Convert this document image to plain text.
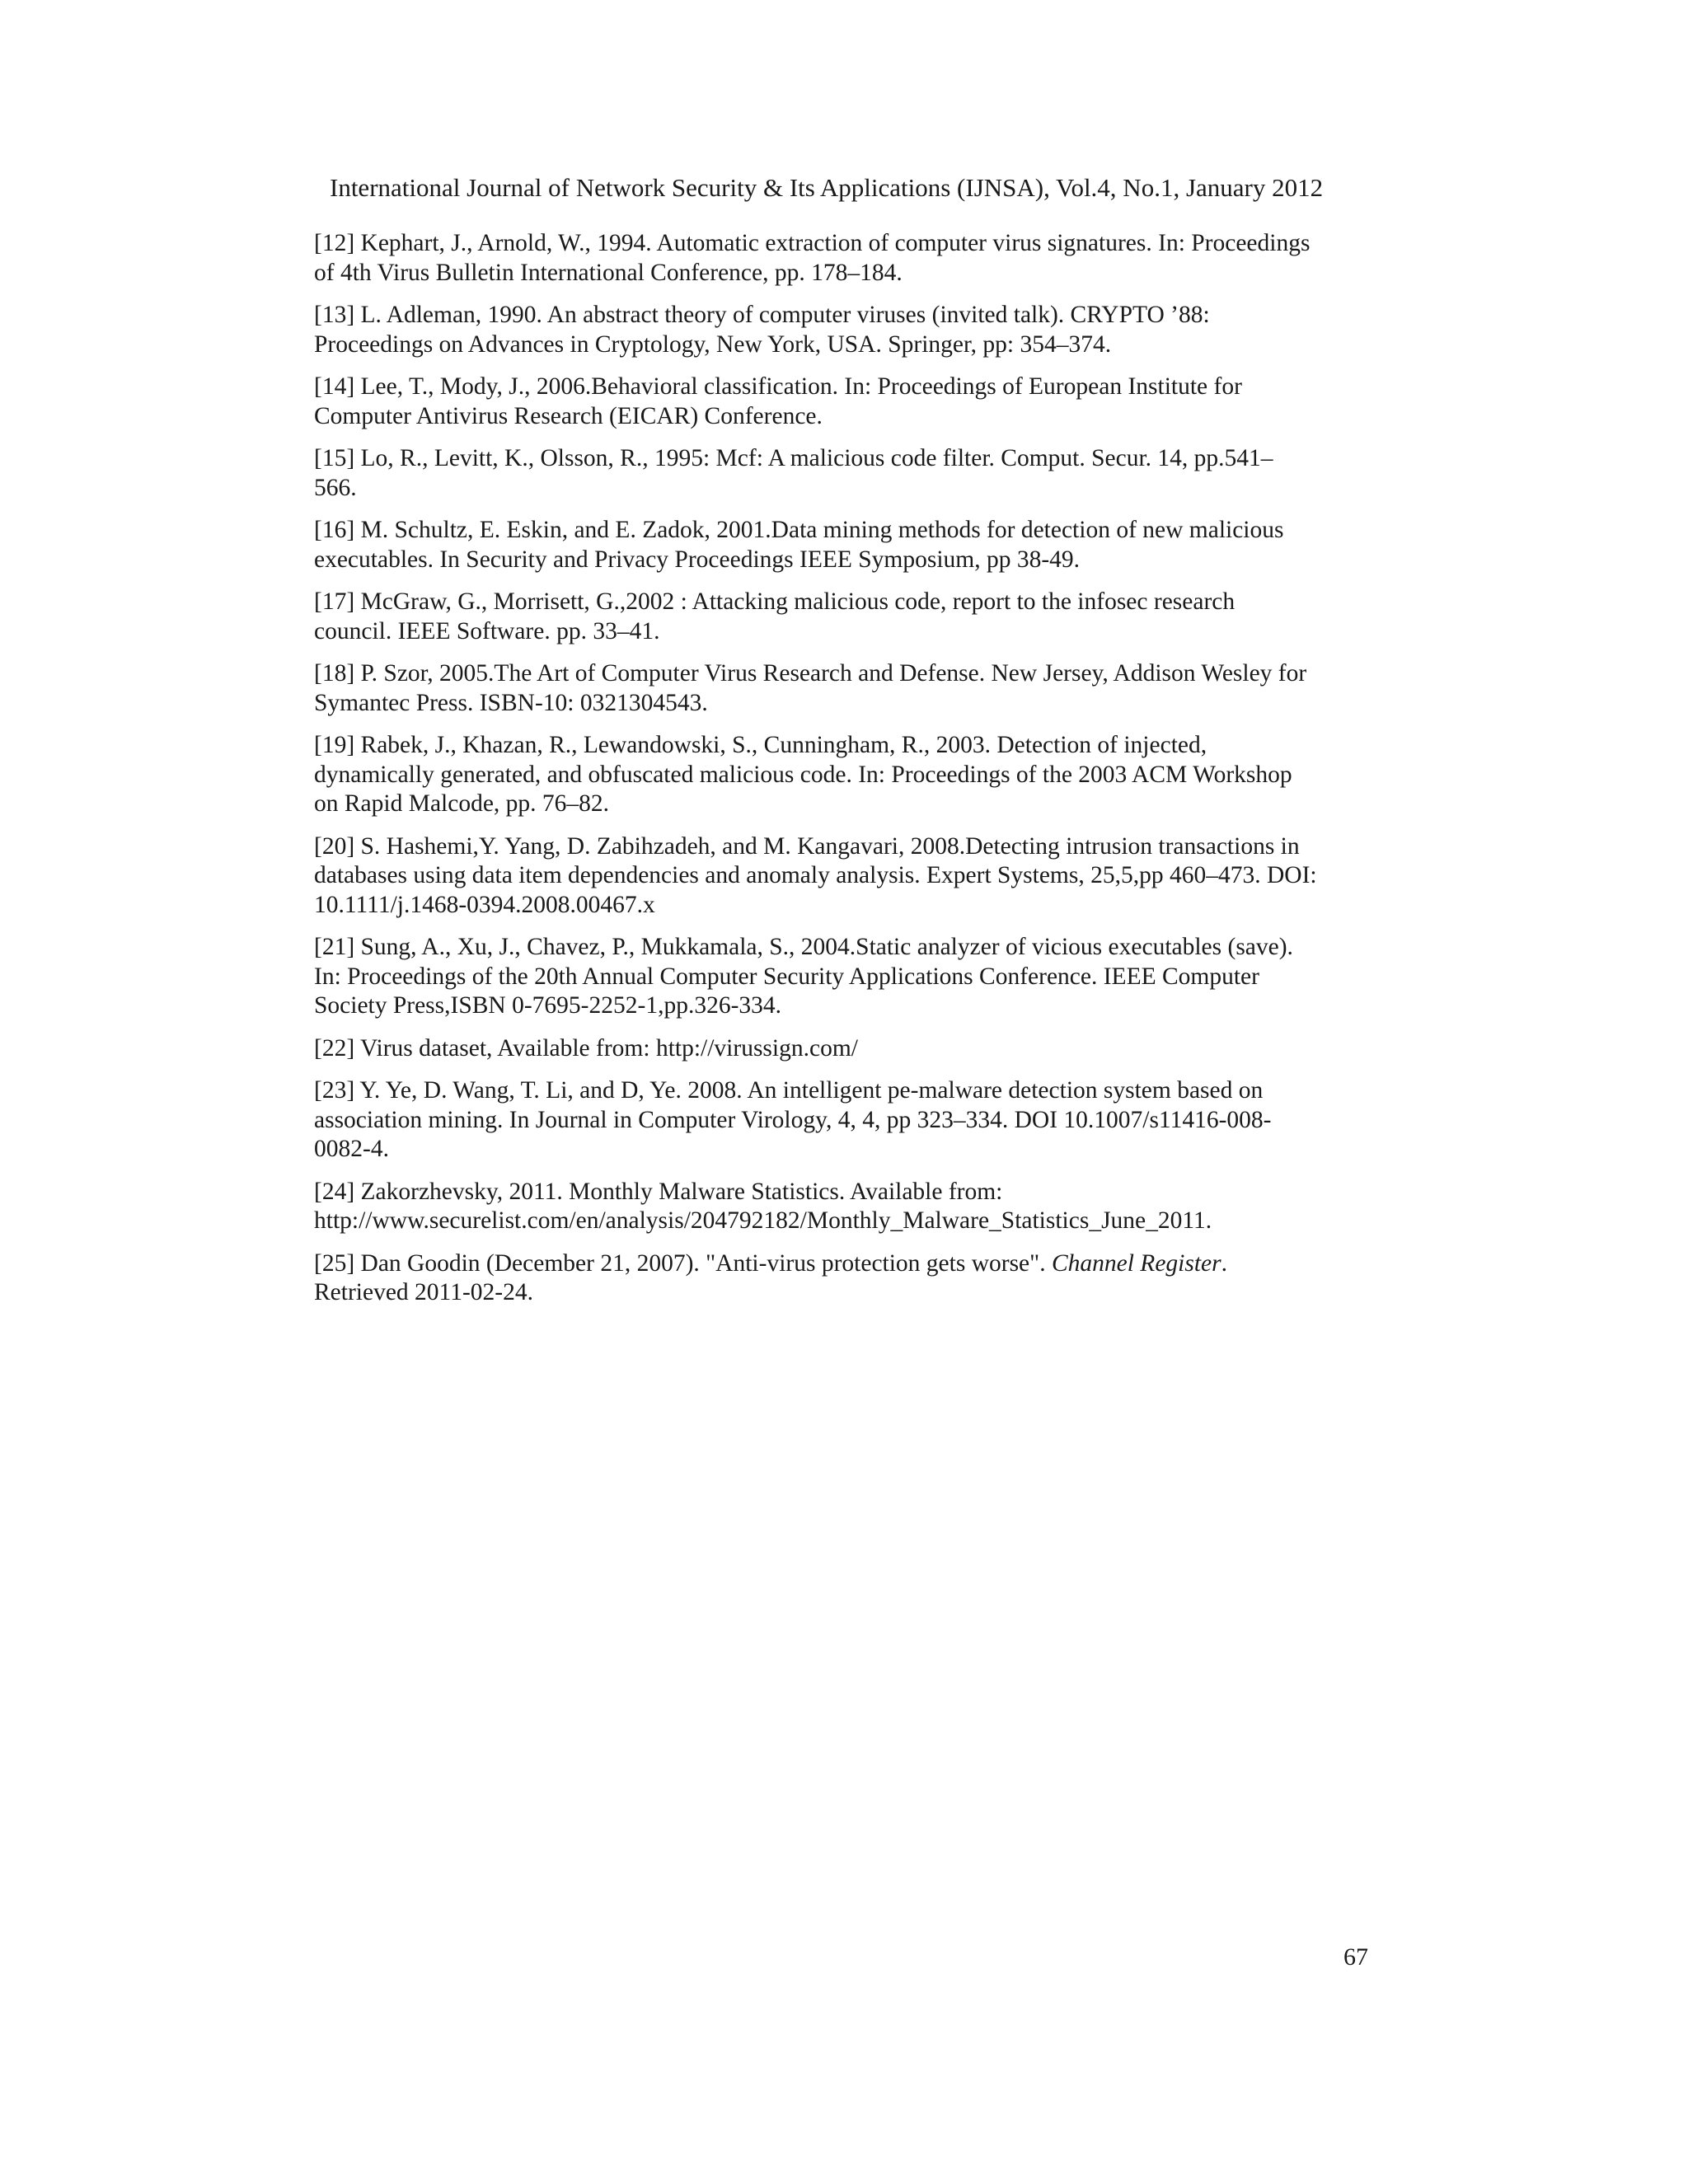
International Journal of Network Security & Its Applications (IJNSA), Vol.4, No.1, January 2012

[12] Kephart, J., Arnold, W., 1994. Automatic extraction of computer virus signatures. In: Proceedings
of 4th Virus Bulletin International Conference, pp. 178–184.

[13] L. Adleman, 1990. An abstract theory of computer viruses (invited talk). CRYPTO ’88:
Proceedings on Advances in Cryptology, New York, USA. Springer, pp: 354–374.

[14] Lee, T., Mody, J., 2006.Behavioral classification. In: Proceedings of European Institute for
Computer Antivirus Research (EICAR) Conference.

[15] Lo, R., Levitt, K., Olsson, R., 1995: Mcf: A malicious code filter. Comput. Secur. 14, pp.541–
566.

[16] M. Schultz, E. Eskin, and E. Zadok, 2001.Data mining methods for detection of new malicious
executables. In Security and Privacy Proceedings IEEE Symposium, pp 38-49.

[17] McGraw, G., Morrisett, G.,2002 : Attacking malicious code, report to the infosec research
council. IEEE Software. pp. 33–41.

[18] P. Szor, 2005.The Art of Computer Virus Research and Defense. New Jersey, Addison Wesley for
Symantec Press. ISBN-10: 0321304543.

[19] Rabek, J., Khazan, R., Lewandowski, S., Cunningham, R., 2003. Detection of injected,
dynamically generated, and obfuscated malicious code. In: Proceedings of the 2003 ACM Workshop
on Rapid Malcode, pp. 76–82.

[20] S. Hashemi,Y. Yang, D. Zabihzadeh, and M. Kangavari, 2008.Detecting intrusion transactions in
databases using data item dependencies and anomaly analysis. Expert Systems, 25,5,pp 460–473. DOI:
10.1111/j.1468-0394.2008.00467.x

[21] Sung, A., Xu, J., Chavez, P., Mukkamala, S., 2004.Static analyzer of vicious executables (save).
In: Proceedings of the 20th Annual Computer Security Applications Conference. IEEE Computer
Society Press,ISBN 0-7695-2252-1,pp.326-334.

[22] Virus dataset, Available from: http://virussign.com/

[23] Y. Ye, D. Wang, T. Li, and D, Ye. 2008. An intelligent pe-malware detection system based on
association mining. In Journal in Computer Virology, 4, 4, pp 323–334. DOI 10.1007/s11416-008-
0082-4.

[24] Zakorzhevsky, 2011. Monthly Malware Statistics. Available from:
http://www.securelist.com/en/analysis/204792182/Monthly_Malware_Statistics_June_2011.

[25] Dan Goodin (December 21, 2007). "Anti-virus protection gets worse". Channel Register.
Retrieved 2011-02-24.

67
